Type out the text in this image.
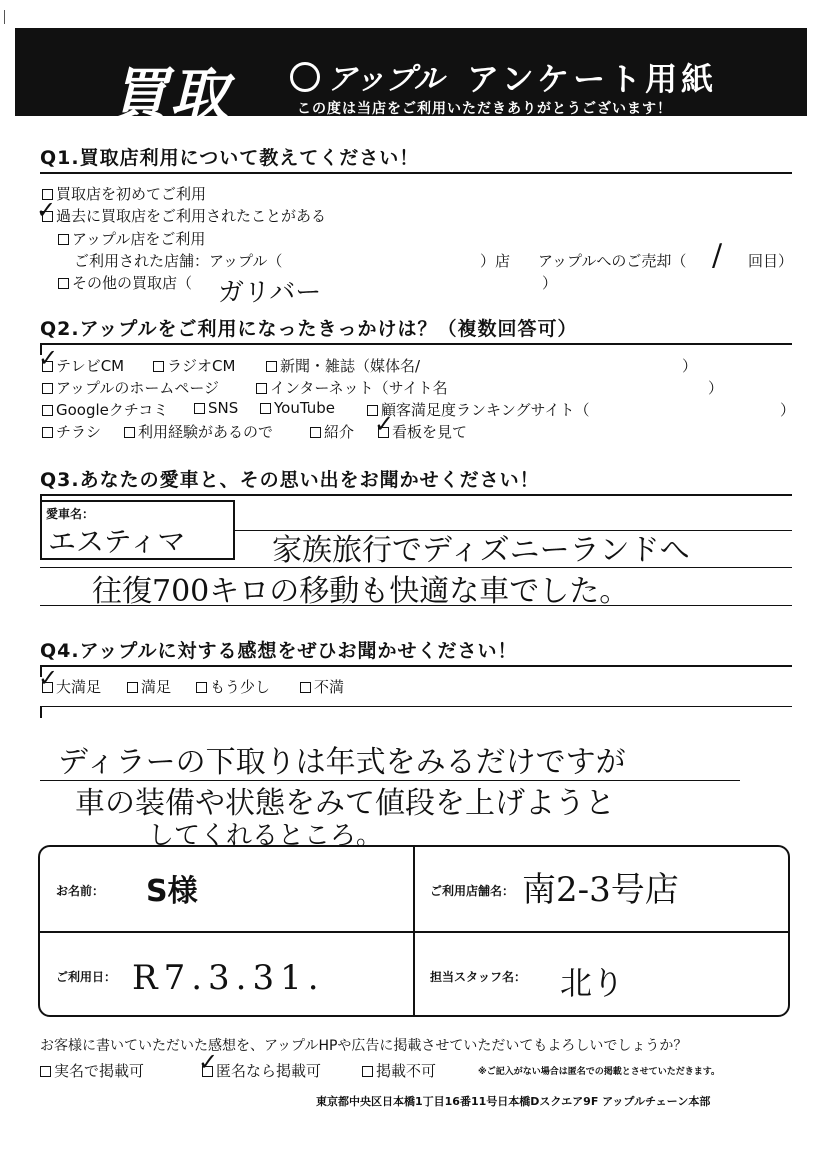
買取	アップル アンケート用紙
この度は当店をご利用いただきありがとうございます！
Q1.買取店利用について教えてください！
買取店を初めてご利用
過去に買取店をご利用されたことがある
✓
アップル店をご利用
ご利用された店舗：アップル（	）店 アップルへのご売却（ / 回目）
その他の買取店（ ガリバー	）
Q2.アップルをご利用になったきっかけは？（複数回答可）
テレビCM
✓	ラジオCM	新聞・雑誌（媒体名/	）
アップルのホームページ	インターネット（サイト名	）
Googleクチコミ	SNS	YouTube	顧客満足度ランキングサイト（	）
チラシ	利用経験があるので	紹介	看板を見て
✓
Q3.あなたの愛車と、その思い出をお聞かせください！
愛車名：
エスティマ	家族旅行でディズニーランドへ
往復700キロの移動も快適な車でした。
Q4.アップルに対する感想をぜひお聞かせください！
大満足
✓	満足	もう少し	不満
ディラーの下取りは年式をみるだけですが
車の装備や状態をみて値段を上げようと
してくれるところ。
お名前： S様	ご利用店舗名： 南2-3号店
ご利用日： R7.3.31.	担当スタッフ名： 北り
お客様に書いていただいた感想を、アップルHPや広告に掲載させていただいてもよろしいでしょうか？
実名で掲載可	匿名なら掲載可
✓	掲載不可	※ご記入がない場合は匿名での掲載とさせていただきます。
東京都中央区日本橋1丁目16番11号日本橋Dスクエア9F アップルチェーン本部
